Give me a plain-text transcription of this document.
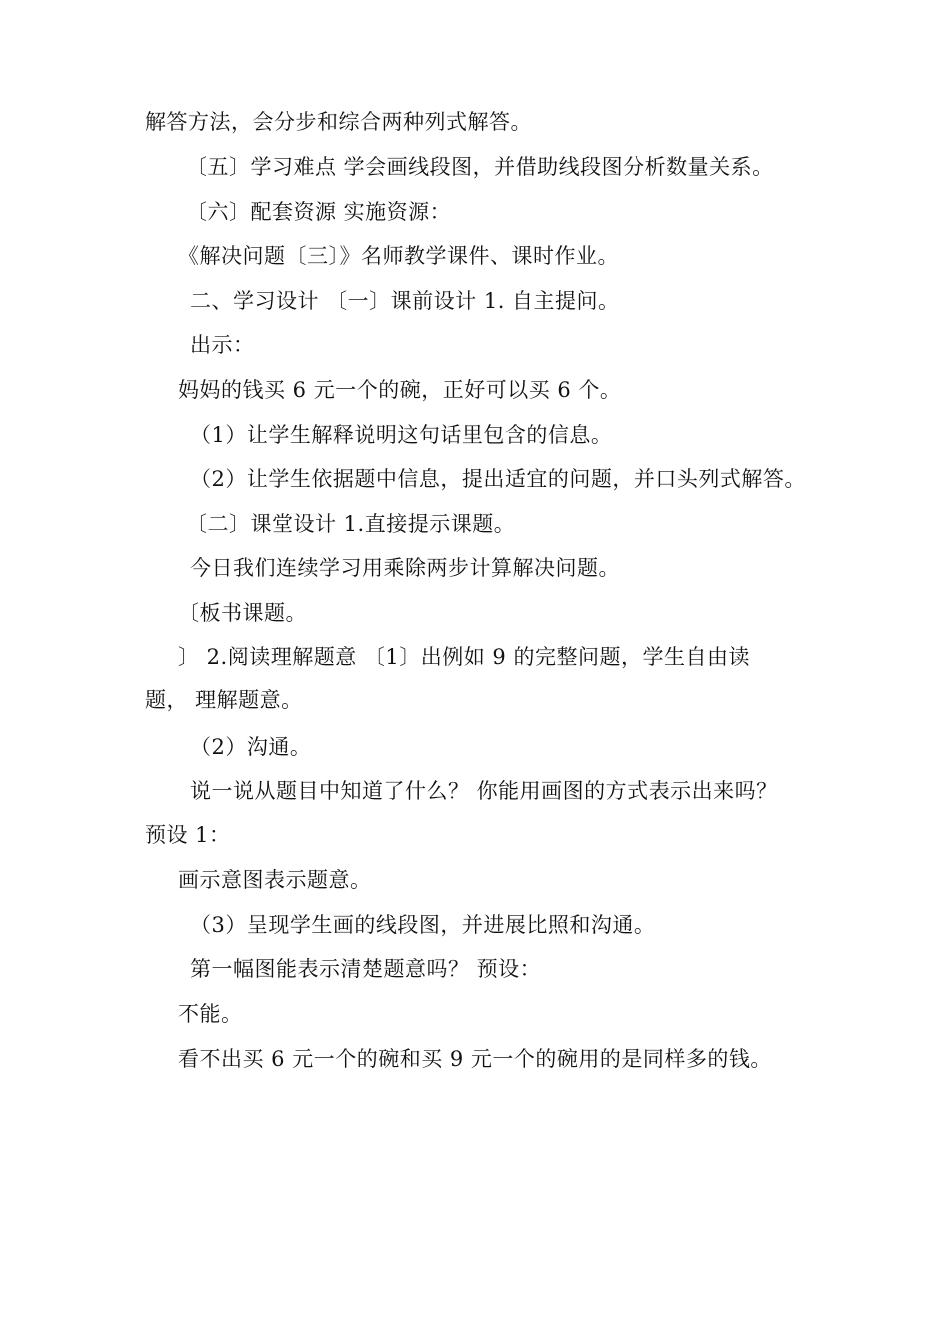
解答方法，会分步和综合两种列式解答。
〔五〕学习难点 学会画线段图，并借助线段图分析数量关系。
〔六〕配套资源 实施资源：
《解决问题〔三〕》名师教学课件、课时作业。
二、学习设计 〔一〕课前设计 1. 自主提问。
出示：
妈妈的钱买 6 元一个的碗，正好可以买 6 个。
（1）让学生解释说明这句话里包含的信息。
（2）让学生依据题中信息，提出适宜的问题，并口头列式解答。
〔二〕课堂设计 1.直接提示课题。
今日我们连续学习用乘除两步计算解决问题。
〔板书课题。
〕 2.阅读理解题意 〔1〕出例如 9 的完整问题，学生自由读
题， 理解题意。
（2）沟通。
说一说从题目中知道了什么？ 你能用画图的方式表示出来吗？
预设 1：
画示意图表示题意。
（3）呈现学生画的线段图，并进展比照和沟通。
第一幅图能表示清楚题意吗？ 预设：
不能。
看不出买 6 元一个的碗和买 9 元一个的碗用的是同样多的钱。
